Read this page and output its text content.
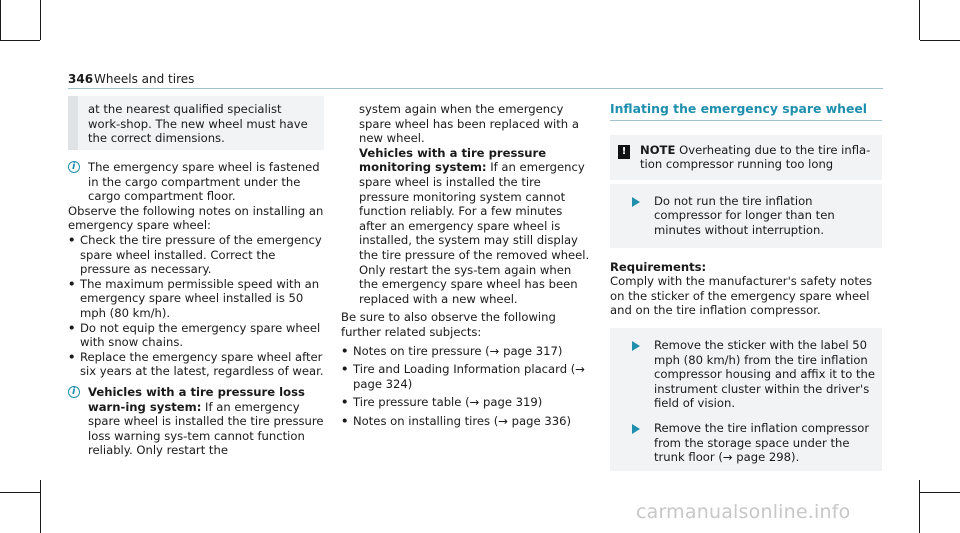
346 Wheels and tires

at the nearest qualified specialist work-shop. The new wheel must have the correct dimensions.

i

The emergency spare wheel is fastened in the cargo compartment under the cargo compartment floor.

Observe the following notes on installing an emergency spare wheel:

• Check the tire pressure of the emergency spare wheel installed. Correct the pressure as necessary.
• The maximum permissible speed with an emergency spare wheel installed is 50 mph (80 km/h).
• Do not equip the emergency spare wheel with snow chains.
• Replace the emergency spare wheel after six years at the latest, regardless of wear.
i

Vehicles with a tire pressure loss warn-ing system: If an emergency spare wheel is installed the tire pressure loss warning sys-tem cannot function reliably. Only restart the

system again when the emergency spare wheel has been replaced with a new wheel.

Vehicles with a tire pressure monitoring system: If an emergency spare wheel is installed the tire pressure monitoring system cannot function reliably. For a few minutes after an emergency spare wheel is installed, the system may still display the tire pressure of the removed wheel. Only restart the sys-tem again when the emergency spare wheel has been replaced with a new wheel.

Be sure to also observe the following further related subjects:

• Notes on tire pressure (→ page 317)
• Tire and Loading Information placard (→ page 324)
• Tire pressure table (→ page 319)
• Notes on installing tires (→ page 336)
Inflating the emergency spare wheel
!	NOTE Overheating due to the tire infla-tion compressor running too long

Do not run the tire inflation compressor for longer than ten minutes without interruption.

Requirements:

Comply with the manufacturer's safety notes on the sticker of the emergency spare wheel and on the tire inflation compressor.

Remove the sticker with the label 50 mph (80 km/h) from the tire inflation compressor housing and affix it to the instrument cluster within the driver's field of vision.

Remove the tire inflation compressor from the storage space under the trunk floor (→ page 298).

carmanualsonline.info
